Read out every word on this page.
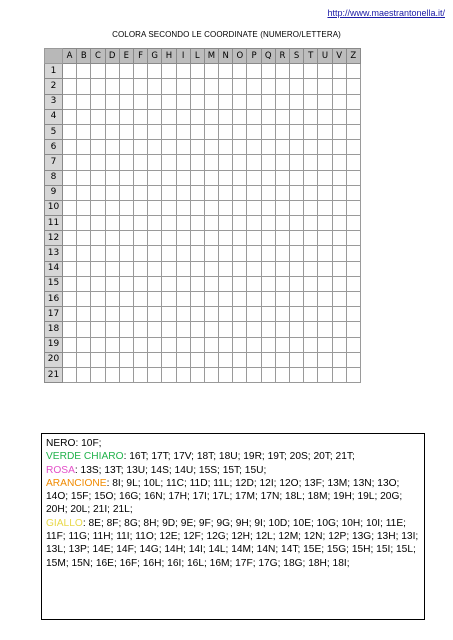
http://www.maestrantonella.it/
COLORA SECONDO LE COORDINATE (NUMERO/LETTERA)
	A	B	C	D	E	F	G	H	I	L	M	N	O	P	Q	R	S	T	U	V	Z
1																					
2																					
3																					
4																					
5																					
6																					
7																					
8																					
9																					
10																					
11																					
12																					
13																					
14																					
15																					
16																					
17																					
18																					
19																					
20																					
21																					

NERO: 10F;

VERDE CHIARO: 16T; 17T; 17V; 18T; 18U; 19R; 19T; 20S; 20T; 21T;

ROSA: 13S; 13T; 13U; 14S; 14U; 15S; 15T; 15U;

ARANCIONE: 8I; 9L; 10L; 11C; 11D; 11L; 12D; 12I; 12O; 13F; 13M; 13N; 13O; 14O; 15F; 15O; 16G; 16N; 17H; 17I; 17L; 17M; 17N; 18L; 18M; 19H; 19L; 20G; 20H; 20L; 21I; 21L;

GIALLO: 8E; 8F; 8G; 8H; 9D; 9E; 9F; 9G; 9H; 9I; 10D; 10E; 10G; 10H; 10I; 11E; 11F; 11G; 11H; 11I; 11O; 12E; 12F; 12G; 12H; 12L; 12M; 12N; 12P; 13G; 13H; 13I; 13L; 13P; 14E; 14F; 14G; 14H; 14I; 14L; 14M; 14N; 14T; 15E; 15G; 15H; 15I; 15L; 15M; 15N; 16E; 16F; 16H; 16I; 16L; 16M; 17F; 17G; 18G; 18H; 18I;
